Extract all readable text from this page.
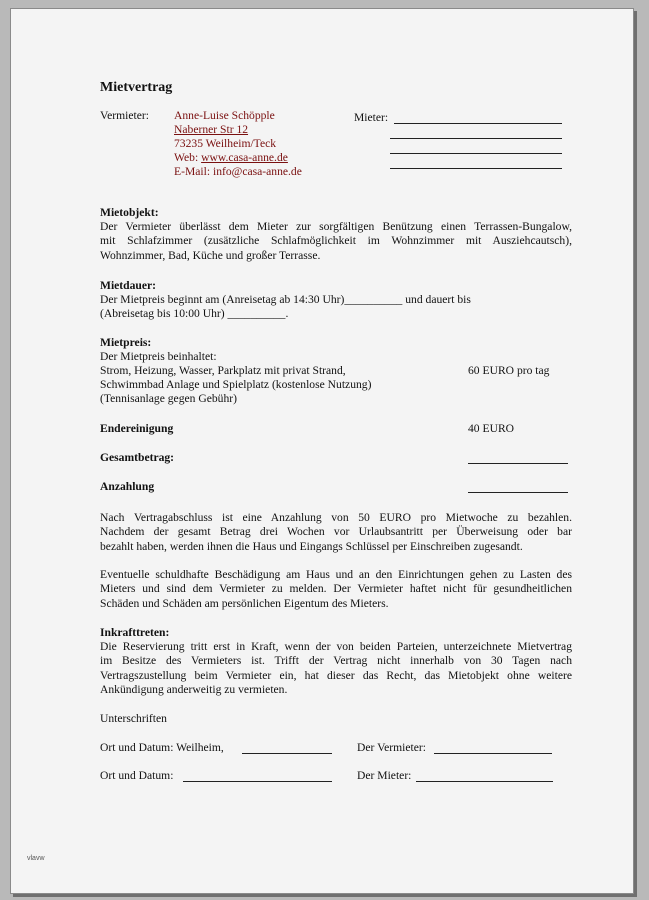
Mietvertrag
Vermieter: Anne-Luise Schöpple
Naberner Str 12
73235 Weilheim/Teck
Web: www.casa-anne.de
E-Mail: info@casa-anne.de
Mieter:
Mietobjekt:
Der Vermieter überlässt dem Mieter zur sorgfältigen Benützung einen Terrassen-Bungalow,
mit Schlafzimmer (zusätzliche Schlafmöglichkeit im Wohnzimmer mit Ausziehcautsch),
Wohnzimmer, Bad, Küche und großer Terrasse.
Mietdauer:
Der Mietpreis beginnt am (Anreisetag ab 14:30 Uhr)__________ und dauert bis
(Abreisetag bis 10:00 Uhr) __________.
Mietpreis:
Der Mietpreis beinhaltet:
Strom, Heizung, Wasser, Parkplatz mit privat Strand,	60 EURO pro tag
Schwimmbad Anlage und Spielplatz (kostenlose Nutzung)
(Tennisanlage gegen Gebühr)
Endereinigung	40 EURO
Gesamtbetrag:
Anzahlung
Nach Vertragabschluss ist eine Anzahlung von 50 EURO pro Mietwoche zu bezahlen.
Nachdem der gesamt Betrag drei Wochen vor Urlaubsantritt per Überweisung oder bar
bezahlt haben, werden ihnen die Haus und Eingangs Schlüssel per Einschreiben zugesandt.
Eventuelle schuldhafte Beschädigung am Haus und an den Einrichtungen gehen zu Lasten des
Mieters und sind dem Vermieter zu melden. Der Vermieter haftet nicht für gesundheitlichen
Schäden und Schäden am persönlichen Eigentum des Mieters.
Inkrafttreten:
Die Reservierung tritt erst in Kraft, wenn der von beiden Parteien, unterzeichnete Mietvertrag
im Besitze des Vermieters ist. Trifft der Vertrag nicht innerhalb von 30 Tagen nach
Vertragszustellung beim Vermieter ein, hat dieser das Recht, das Mietobjekt ohne weitere
Ankündigung anderweitig zu vermieten.
Unterschriften
Ort und Datum: Weilheim,	Der Vermieter:
Ort und Datum:	Der Mieter:
vlavw
